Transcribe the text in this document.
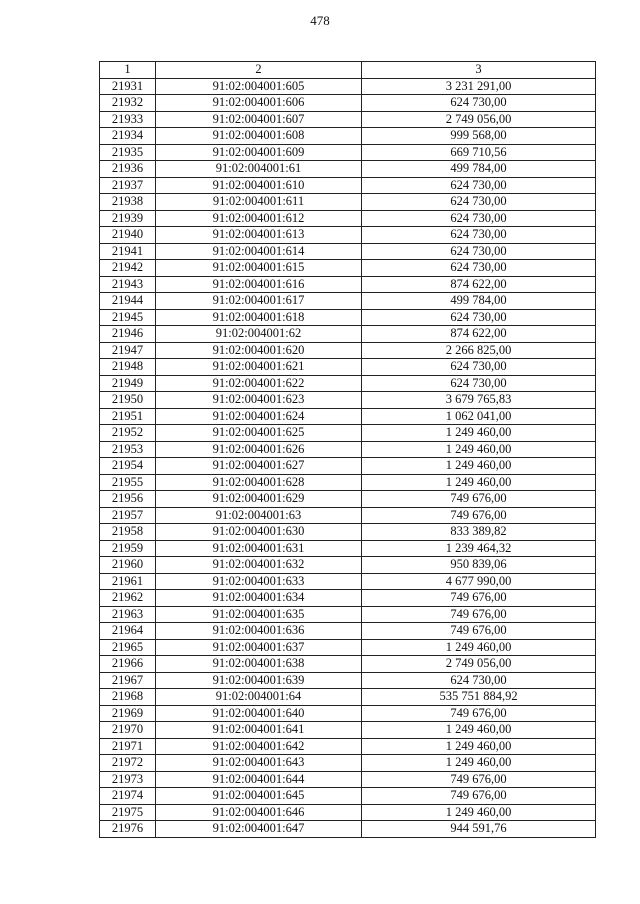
478
1	2	3
21931	91:02:004001:605	3 231 291,00
21932	91:02:004001:606	624 730,00
21933	91:02:004001:607	2 749 056,00
21934	91:02:004001:608	999 568,00
21935	91:02:004001:609	669 710,56
21936	91:02:004001:61	499 784,00
21937	91:02:004001:610	624 730,00
21938	91:02:004001:611	624 730,00
21939	91:02:004001:612	624 730,00
21940	91:02:004001:613	624 730,00
21941	91:02:004001:614	624 730,00
21942	91:02:004001:615	624 730,00
21943	91:02:004001:616	874 622,00
21944	91:02:004001:617	499 784,00
21945	91:02:004001:618	624 730,00
21946	91:02:004001:62	874 622,00
21947	91:02:004001:620	2 266 825,00
21948	91:02:004001:621	624 730,00
21949	91:02:004001:622	624 730,00
21950	91:02:004001:623	3 679 765,83
21951	91:02:004001:624	1 062 041,00
21952	91:02:004001:625	1 249 460,00
21953	91:02:004001:626	1 249 460,00
21954	91:02:004001:627	1 249 460,00
21955	91:02:004001:628	1 249 460,00
21956	91:02:004001:629	749 676,00
21957	91:02:004001:63	749 676,00
21958	91:02:004001:630	833 389,82
21959	91:02:004001:631	1 239 464,32
21960	91:02:004001:632	950 839,06
21961	91:02:004001:633	4 677 990,00
21962	91:02:004001:634	749 676,00
21963	91:02:004001:635	749 676,00
21964	91:02:004001:636	749 676,00
21965	91:02:004001:637	1 249 460,00
21966	91:02:004001:638	2 749 056,00
21967	91:02:004001:639	624 730,00
21968	91:02:004001:64	535 751 884,92
21969	91:02:004001:640	749 676,00
21970	91:02:004001:641	1 249 460,00
21971	91:02:004001:642	1 249 460,00
21972	91:02:004001:643	1 249 460,00
21973	91:02:004001:644	749 676,00
21974	91:02:004001:645	749 676,00
21975	91:02:004001:646	1 249 460,00
21976	91:02:004001:647	944 591,76
